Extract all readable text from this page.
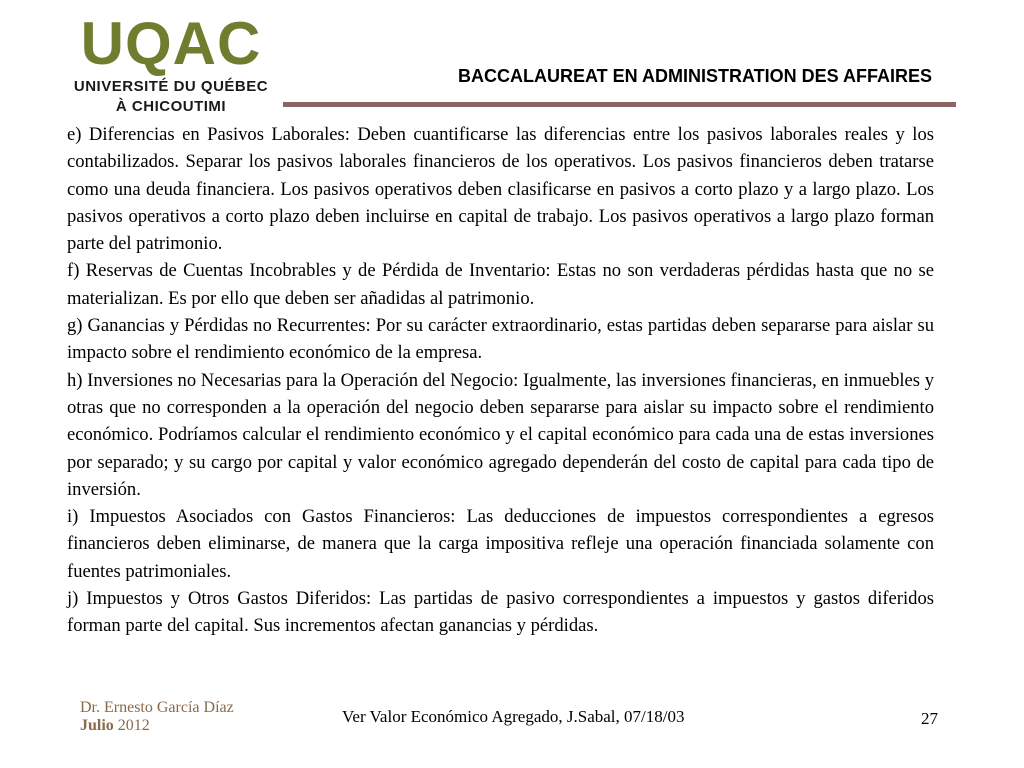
UQAC
UNIVERSITÉ DU QUÉBEC
À CHICOUTIMI
BACCALAUREAT EN ADMINISTRATION DES AFFAIRES

e) Diferencias en Pasivos Laborales: Deben cuantificarse las diferencias entre los pasivos laborales reales y los contabilizados. Separar los pasivos laborales financieros de los operativos. Los pasivos financieros deben tratarse como una deuda financiera. Los pasivos operativos deben clasificarse en pasivos a corto plazo y a largo plazo. Los pasivos operativos a corto plazo deben incluirse en capital de trabajo. Los pasivos operativos a largo plazo forman parte del patrimonio.

f) Reservas de Cuentas Incobrables y de Pérdida de Inventario: Estas no son verdaderas pérdidas hasta que no se materializan. Es por ello que deben ser añadidas al patrimonio.

g) Ganancias y Pérdidas no Recurrentes: Por su carácter extraordinario, estas partidas deben separarse para aislar su impacto sobre el rendimiento económico de la empresa.

h) Inversiones no Necesarias para la Operación del Negocio: Igualmente, las inversiones financieras, en inmuebles y otras que no corresponden a la operación del negocio deben separarse para aislar su impacto sobre el rendimiento económico. Podríamos calcular el rendimiento económico y el capital económico para cada una de estas inversiones por separado; y su cargo por capital y valor económico agregado dependerán del costo de capital para cada tipo de inversión.

i) Impuestos Asociados con Gastos Financieros: Las deducciones de impuestos correspondientes a egresos financieros deben eliminarse, de manera que la carga impositiva refleje una operación financiada solamente con fuentes patrimoniales.

j) Impuestos y Otros Gastos Diferidos: Las partidas de pasivo correspondientes a impuestos y gastos diferidos forman parte del capital. Sus incrementos afectan ganancias y pérdidas.

Dr. Ernesto García Díaz
Julio 2012	Ver Valor Económico Agregado, J.Sabal, 07/18/03	27
